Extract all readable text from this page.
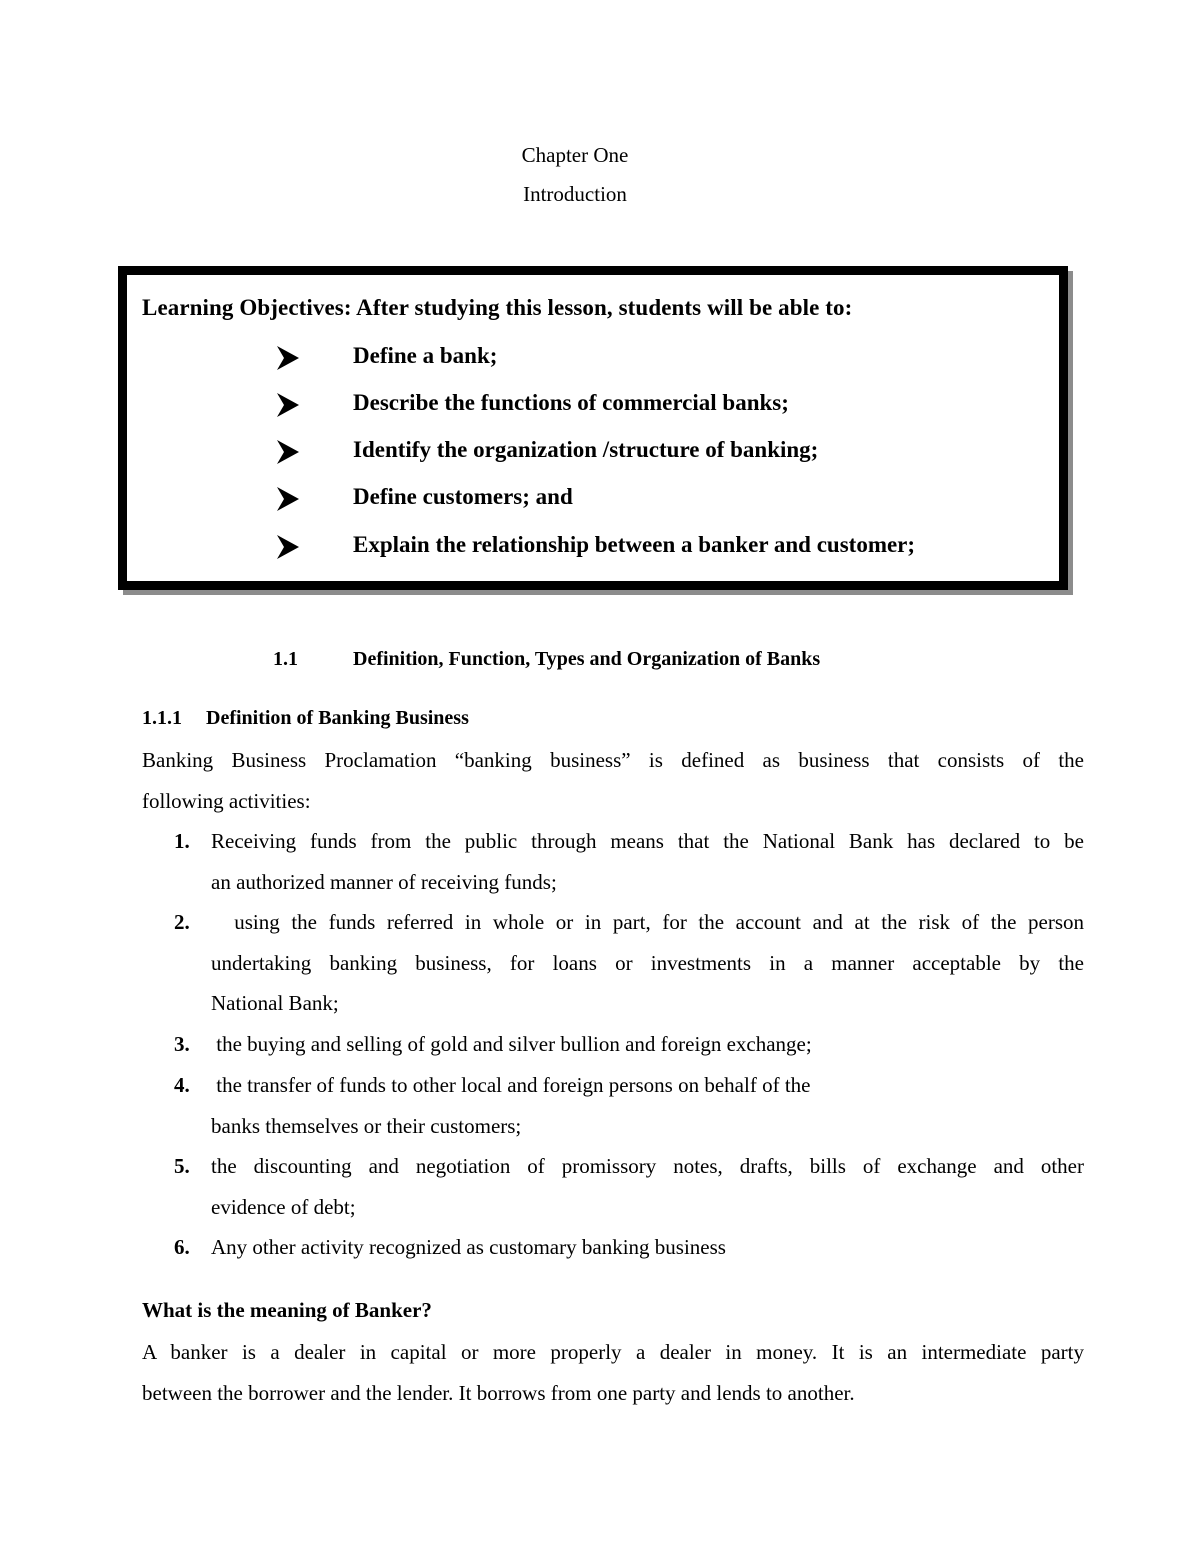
Chapter One
Introduction
Learning Objectives: After studying this lesson, students will be able to:
Define a bank;
Describe the functions of commercial banks;
Identify the organization /structure of banking;
Define customers; and
Explain the relationship between a banker and customer;
1.1	Definition, Function, Types and Organization of Banks
1.1.1 Definition of Banking Business
Banking Business Proclamation “banking business” is defined as business that consists of the
following activities:
1. Receiving funds from the public through means that the National Bank has declared to be
an authorized manner of receiving funds;
2. using the funds referred in whole or in part, for the account and at the risk of the person
undertaking banking business, for loans or investments in a manner acceptable by the
National Bank;
3. the buying and selling of gold and silver bullion and foreign exchange;
4. the transfer of funds to other local and foreign persons on behalf of the
banks themselves or their customers;
5. the discounting and negotiation of promissory notes, drafts, bills of exchange and other
evidence of debt;
6. Any other activity recognized as customary banking business
What is the meaning of Banker?
A banker is a dealer in capital or more properly a dealer in money. It is an intermediate party
between the borrower and the lender. It borrows from one party and lends to another.
